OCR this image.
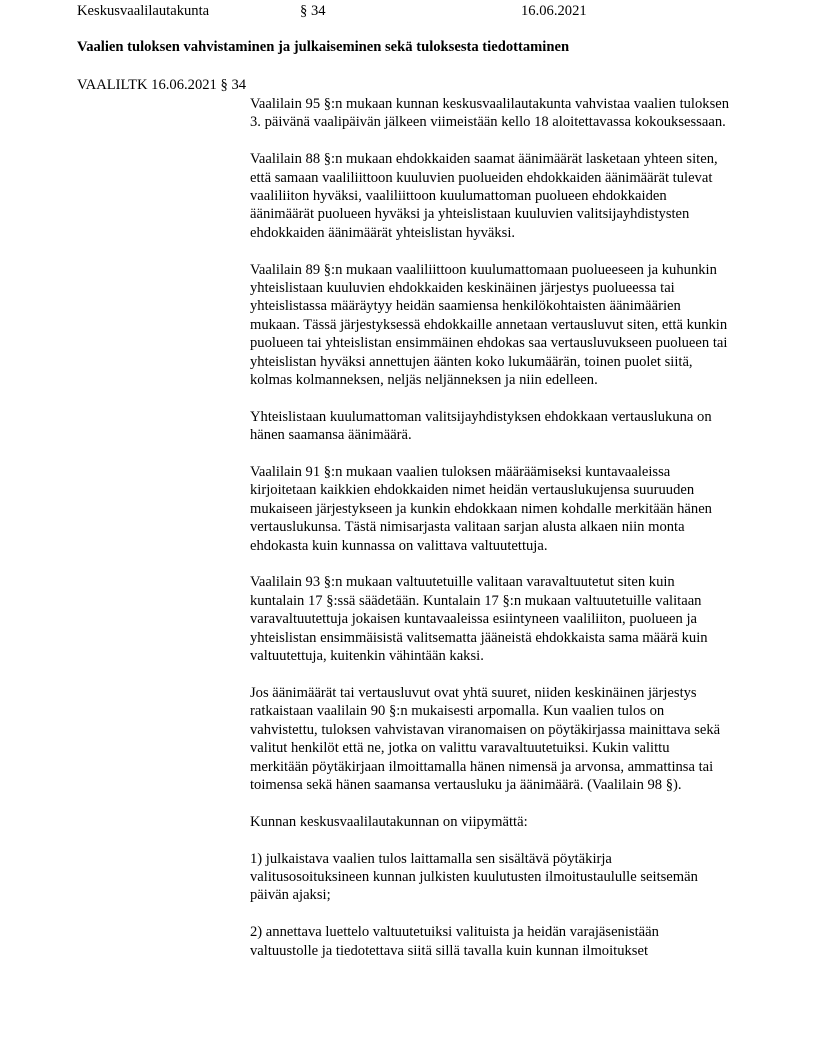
Keskusvaalilautakunta	§ 34	16.06.2021
Vaalien tuloksen vahvistaminen ja julkaiseminen sekä tuloksesta tiedottaminen
VAALILTK 16.06.2021 § 34

Vaalilain 95 §:n mukaan kunnan keskusvaalilautakunta vahvistaa vaalien tuloksen 3. päivänä vaalipäivän jälkeen viimeistään kello 18 aloitettavassa kokouksessaan.

Vaalilain 88 §:n mukaan ehdokkaiden saamat äänimäärät lasketaan yhteen siten, että samaan vaaliliittoon kuuluvien puolueiden ehdokkaiden äänimäärät tulevat vaaliliiton hyväksi, vaaliliittoon kuulumattoman puolueen ehdokkaiden äänimäärät puolueen hyväksi ja yhteislistaan kuuluvien valitsijayhdistysten ehdokkaiden äänimäärät yhteislistan hyväksi.

Vaalilain 89 §:n mukaan vaaliliittoon kuulumattomaan puolueeseen ja kuhunkin yhteislistaan kuuluvien ehdokkaiden keskinäinen järjestys puolueessa tai yhteislistassa määräytyy heidän saamiensa henkilökohtaisten äänimäärien mukaan. Tässä järjestyksessä ehdokkaille annetaan vertausluvut siten, että kunkin puolueen tai yhteislistan ensimmäinen ehdokas saa vertausluvukseen puolueen tai yhteislistan hyväksi annettujen äänten koko lukumäärän, toinen puolet siitä, kolmas kolmanneksen, neljäs neljänneksen ja niin edelleen.

Yhteislistaan kuulumattoman valitsijayhdistyksen ehdokkaan vertauslukuna on hänen saamansa äänimäärä.

Vaalilain 91 §:n mukaan vaalien tuloksen määräämiseksi kuntavaaleissa kirjoitetaan kaikkien ehdokkaiden nimet heidän vertauslukujensa suuruuden mukaiseen järjestykseen ja kunkin ehdokkaan nimen kohdalle merkitään hänen vertauslukunsa. Tästä nimisarjasta valitaan sarjan alusta alkaen niin monta ehdokasta kuin kunnassa on valittava valtuutettuja.

Vaalilain 93 §:n mukaan valtuutetuille valitaan varavaltuutetut siten kuin kuntalain 17 §:ssä säädetään. Kuntalain 17 §:n mukaan valtuutetuille valitaan varavaltuutettuja jokaisen kuntavaaleissa esiintyneen vaaliliiton, puolueen ja yhteislistan ensimmäisistä valitsematta jääneistä ehdokkaista sama määrä kuin valtuutettuja, kuitenkin vähintään kaksi.

Jos äänimäärät tai vertausluvut ovat yhtä suuret, niiden keskinäinen järjestys ratkaistaan vaalilain 90 §:n mukaisesti arpomalla. Kun vaalien tulos on vahvistettu, tuloksen vahvistavan viranomaisen on pöytäkirjassa mainittava sekä valitut henkilöt että ne, jotka on valittu varavaltuutetuiksi. Kukin valittu merkitään pöytäkirjaan ilmoittamalla hänen nimensä ja arvonsa, ammattinsa tai toimensa sekä hänen saamansa vertausluku ja äänimäärä. (Vaalilain 98 §).

Kunnan keskusvaalilautakunnan on viipymättä:

1) julkaistava vaalien tulos laittamalla sen sisältävä pöytäkirja valitusosoituksineen kunnan julkisten kuulutusten ilmoitustaululle seitsemän päivän ajaksi;

2) annettava luettelo valtuutetuiksi valituista ja heidän varajäsenistään valtuustolle ja tiedotettava siitä sillä tavalla kuin kunnan ilmoitukset
